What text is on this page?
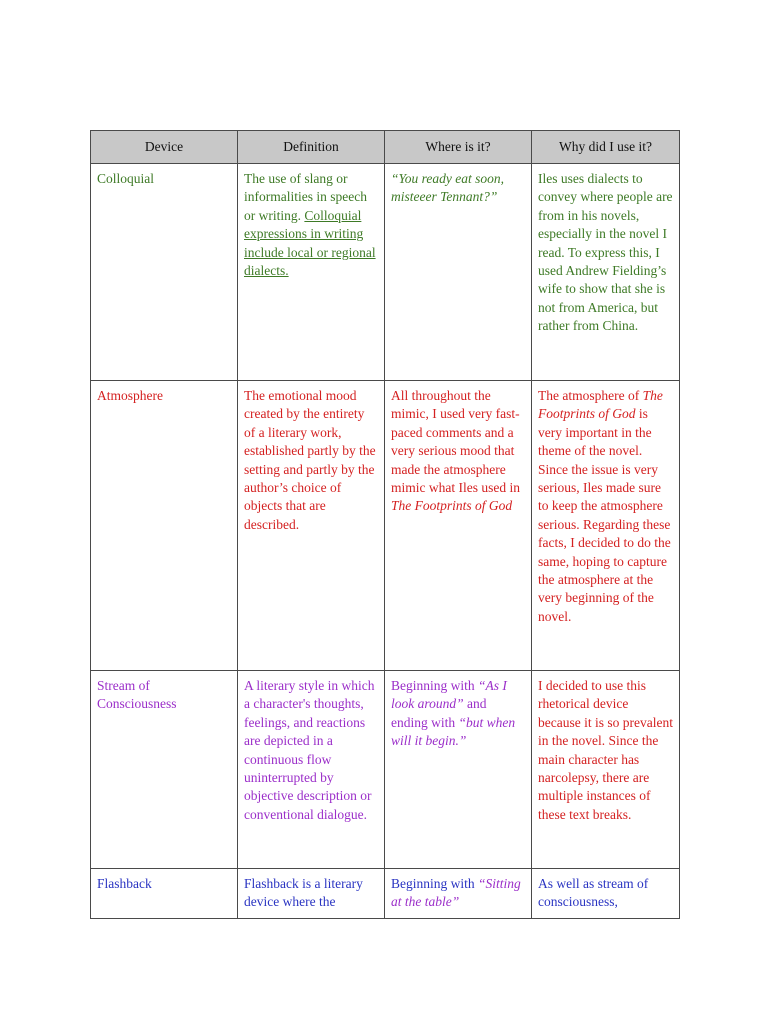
Device	Definition	Where is it?	Why did I use it?
Colloquial	The use of slang or informalities in speech or writing. Colloquial expressions in writing include local or regional dialects.	“You ready eat soon, misteeer Tennant?”	Iles uses dialects to convey where people are from in his novels, especially in the novel I read. To express this, I used Andrew Fielding’s wife to show that she is not from America, but rather from China.
Atmosphere	The emotional mood created by the entirety of a literary work, established partly by the setting and partly by the author’s choice of objects that are described.	All throughout the mimic, I used very fast-paced comments and a very serious mood that made the atmosphere mimic what Iles used in The Footprints of God	The atmosphere of The Footprints of God is very important in the theme of the novel. Since the issue is very serious, Iles made sure to keep the atmosphere serious. Regarding these facts, I decided to do the same, hoping to capture the atmosphere at the very beginning of the novel.
Stream of Consciousness	A literary style in which a character's thoughts, feelings, and reactions are depicted in a continuous flow uninterrupted by objective description or conventional dialogue.	Beginning with “As I look around” and ending with “but when will it begin.”	I decided to use this rhetorical device because it is so prevalent in the novel. Since the main character has narcolepsy, there are multiple instances of these text breaks.
Flashback	Flashback is a literary device where the	Beginning with “Sitting at the table”	As well as stream of consciousness,
